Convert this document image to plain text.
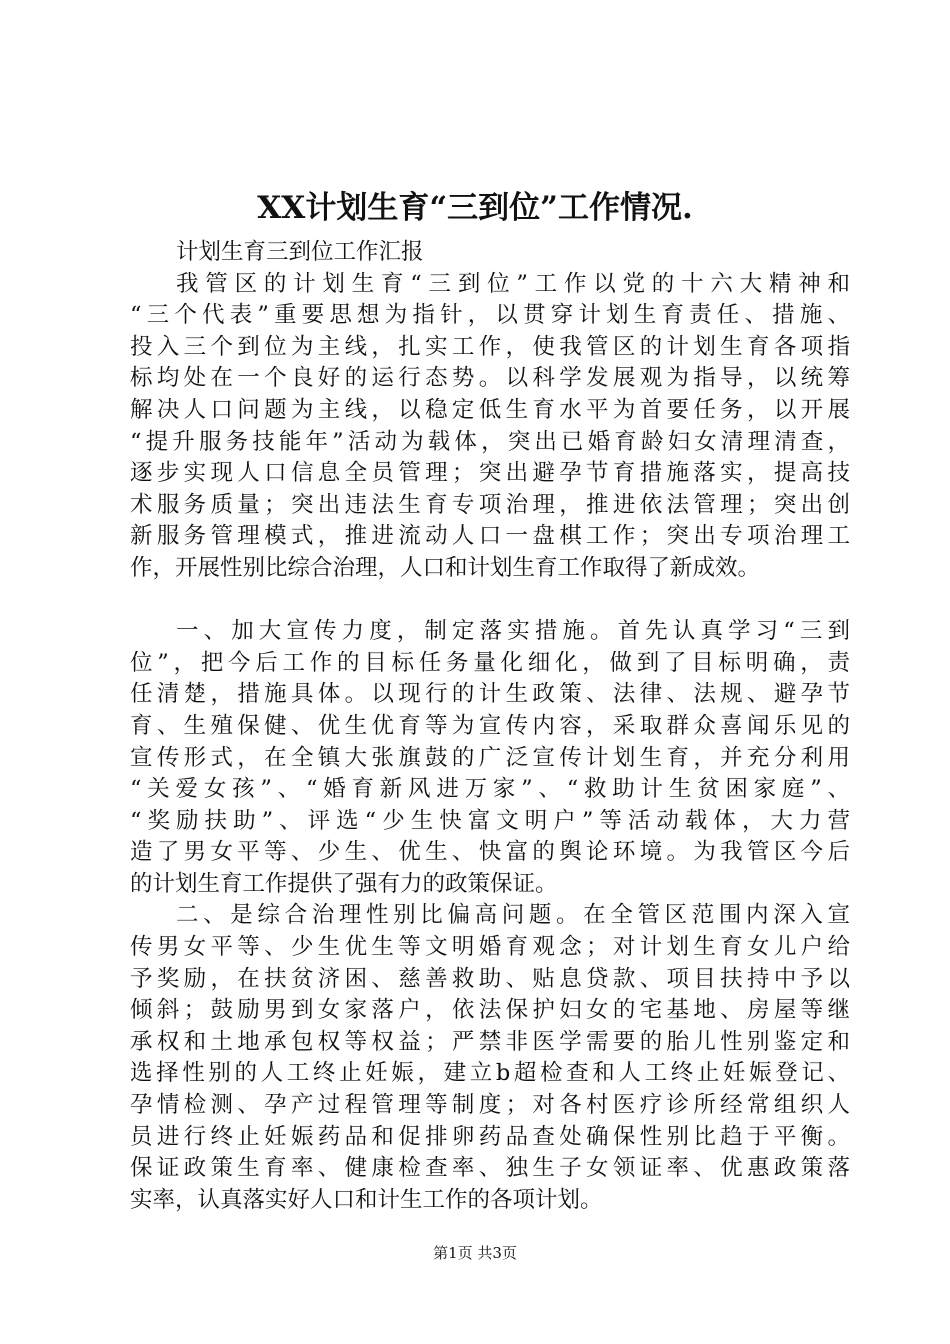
XX计划生育“三到位”工作情况.
计划生育三到位工作汇报
我管区的计划生育“三到位”工作以党的十六大精神和
“三个代表”重要思想为指针，以贯穿计划生育责任、措施、
投入三个到位为主线，扎实工作，使我管区的计划生育各项指
标均处在一个良好的运行态势。以科学发展观为指导，以统筹
解决人口问题为主线，以稳定低生育水平为首要任务，以开展
“提升服务技能年”活动为载体，突出已婚育龄妇女清理清查，
逐步实现人口信息全员管理；突出避孕节育措施落实，提高技
术服务质量；突出违法生育专项治理，推进依法管理；突出创
新服务管理模式，推进流动人口一盘棋工作；突出专项治理工
作，开展性别比综合治理，人口和计划生育工作取得了新成效。
一、加大宣传力度，制定落实措施。首先认真学习“三到
位”，把今后工作的目标任务量化细化，做到了目标明确，责
任清楚，措施具体。以现行的计生政策、法律、法规、避孕节
育、生殖保健、优生优育等为宣传内容，采取群众喜闻乐见的
宣传形式，在全镇大张旗鼓的广泛宣传计划生育，并充分利用
“关爱女孩”、“婚育新风进万家”、“救助计生贫困家庭”、
“奖励扶助”、评选“少生快富文明户”等活动载体，大力营
造了男女平等、少生、优生、快富的舆论环境。为我管区今后
的计划生育工作提供了强有力的政策保证。
二、是综合治理性别比偏高问题。在全管区范围内深入宣
传男女平等、少生优生等文明婚育观念；对计划生育女儿户给
予奖励，在扶贫济困、慈善救助、贴息贷款、项目扶持中予以
倾斜；鼓励男到女家落户，依法保护妇女的宅基地、房屋等继
承权和土地承包权等权益；严禁非医学需要的胎儿性别鉴定和
选择性别的人工终止妊娠，建立b超检查和人工终止妊娠登记、
孕情检测、孕产过程管理等制度；对各村医疗诊所经常组织人
员进行终止妊娠药品和促排卵药品查处确保性别比趋于平衡。
保证政策生育率、健康检查率、独生子女领证率、优惠政策落
实率，认真落实好人口和计生工作的各项计划。
第1页 共3页
